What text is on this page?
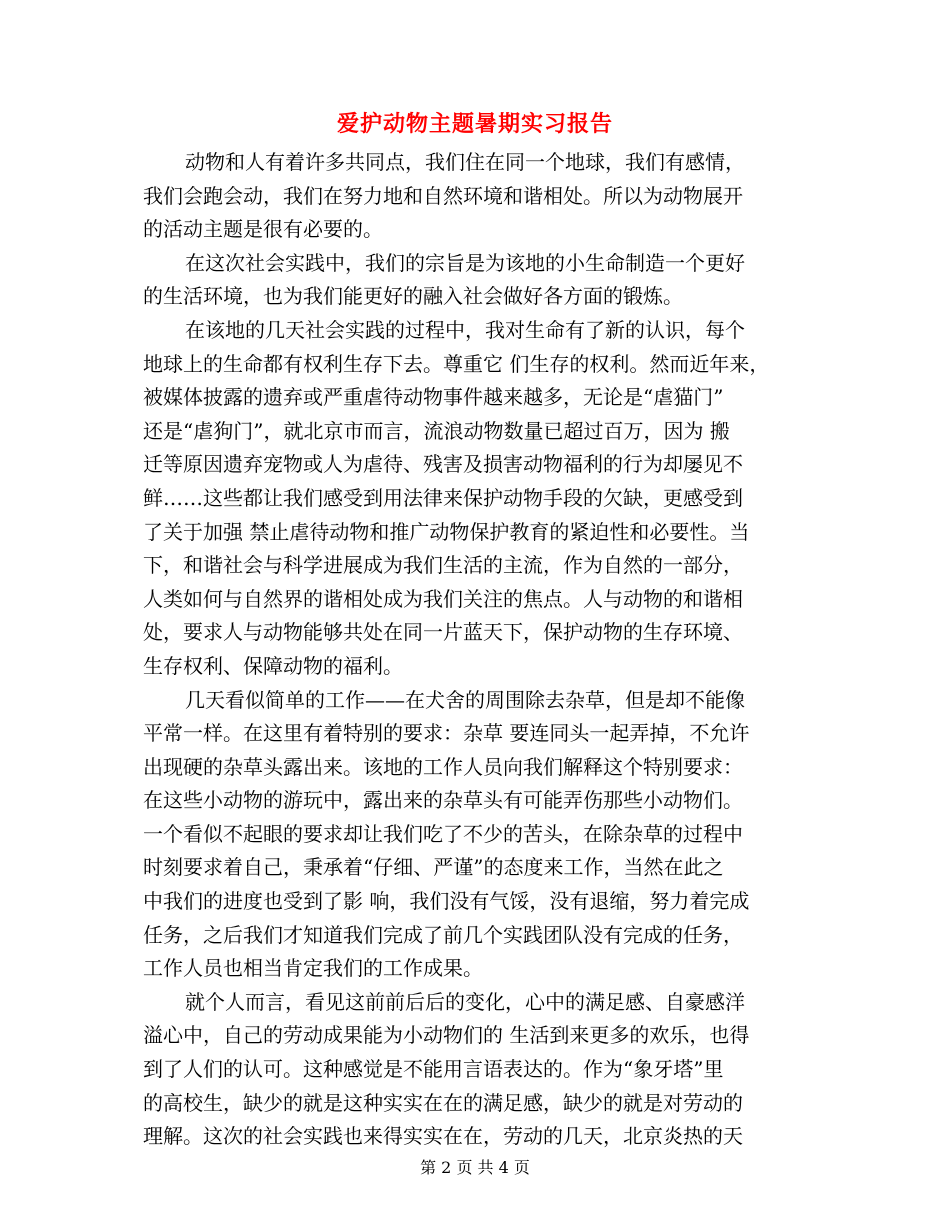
爱护动物主题暑期实习报告
动物和人有着许多共同点，我们住在同一个地球，我们有感情，
我们会跑会动，我们在努力地和自然环境和谐相处。所以为动物展开
的活动主题是很有必要的。
在这次社会实践中，我们的宗旨是为该地的小生命制造一个更好
的生活环境，也为我们能更好的融入社会做好各方面的锻炼。
在该地的几天社会实践的过程中，我对生命有了新的认识，每个
地球上的生命都有权利生存下去。尊重它 们生存的权利。然而近年来，
被媒体披露的遗弃或严重虐待动物事件越来越多，无论是“虐猫门”
还是“虐狗门”，就北京市而言，流浪动物数量已超过百万，因为 搬
迁等原因遗弃宠物或人为虐待、残害及损害动物福利的行为却屡见不
鲜……这些都让我们感受到用法律来保护动物手段的欠缺，更感受到
了关于加强 禁止虐待动物和推广动物保护教育的紧迫性和必要性。当
下，和谐社会与科学进展成为我们生活的主流，作为自然的一部分，
人类如何与自然界的谐相处成为我们关注的焦点。人与动物的和谐相
处，要求人与动物能够共处在同一片蓝天下，保护动物的生存环境、
生存权利、保障动物的福利。
几天看似简单的工作——在犬舍的周围除去杂草，但是却不能像
平常一样。在这里有着特别的要求：杂草 要连同头一起弄掉，不允许
出现硬的杂草头露出来。该地的工作人员向我们解释这个特别要求：
在这些小动物的游玩中，露出来的杂草头有可能弄伤那些小动物们。
一个看似不起眼的要求却让我们吃了不少的苦头，在除杂草的过程中
时刻要求着自己，秉承着“仔细、严谨”的态度来工作，当然在此之
中我们的进度也受到了影 响，我们没有气馁，没有退缩，努力着完成
任务，之后我们才知道我们完成了前几个实践团队没有完成的任务，
工作人员也相当肯定我们的工作成果。
就个人而言，看见这前前后后的变化，心中的满足感、自豪感洋
溢心中，自己的劳动成果能为小动物们的 生活到来更多的欢乐，也得
到了人们的认可。这种感觉是不能用言语表达的。作为“象牙塔”里
的高校生，缺少的就是这种实实在在的满足感，缺少的就是对劳动的
理解。这次的社会实践也来得实实在在，劳动的几天，北京炎热的天
第 2 页 共 4 页
